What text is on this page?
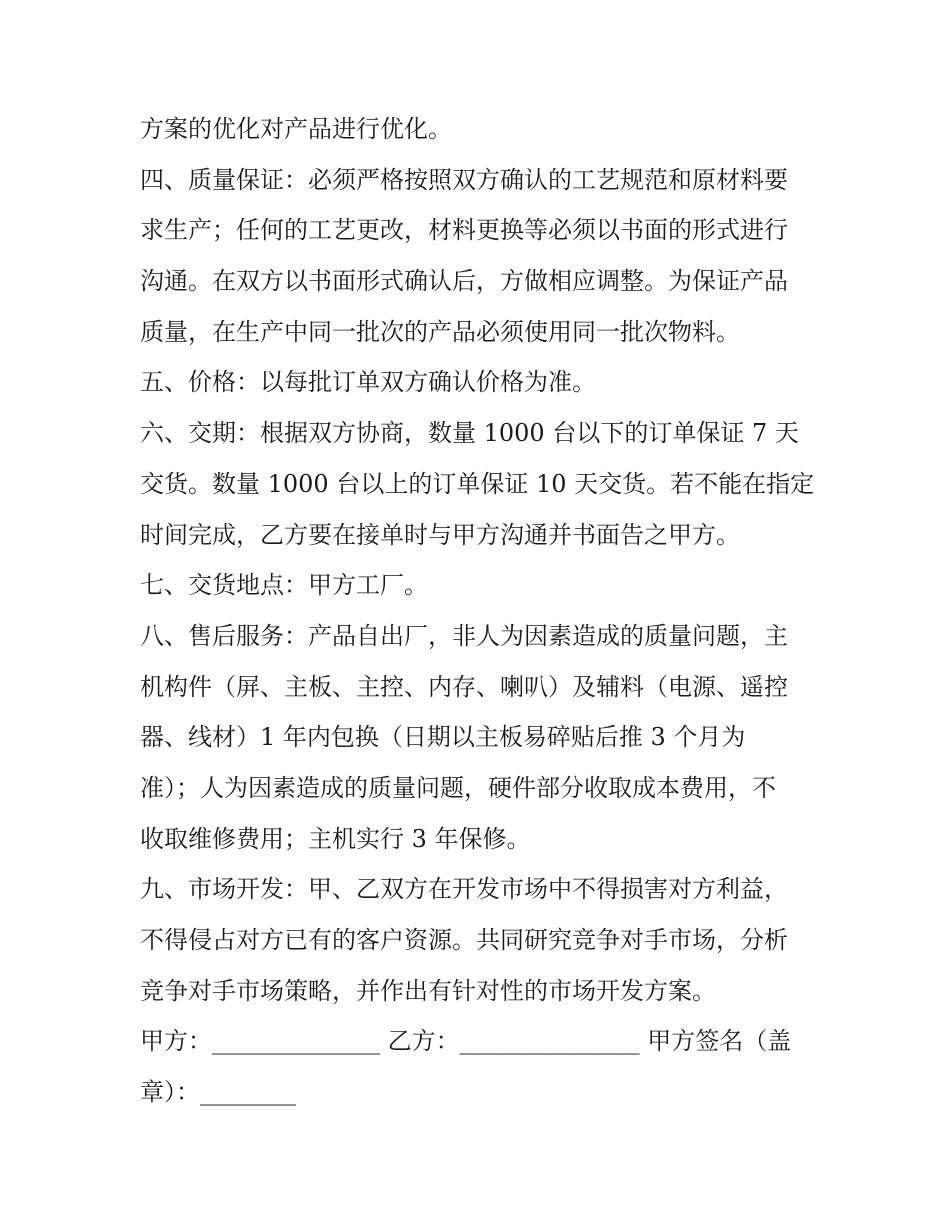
方案的优化对产品进行优化。

四、质量保证：必须严格按照双方确认的工艺规范和原材料要

求生产；任何的工艺更改，材料更换等必须以书面的形式进行

沟通。在双方以书面形式确认后，方做相应调整。为保证产品

质量，在生产中同一批次的产品必须使用同一批次物料。

五、价格：以每批订单双方确认价格为准。

六、交期：根据双方协商，数量 1000 台以下的订单保证 7 天

交货。数量 1000 台以上的订单保证 10 天交货。若不能在指定

时间完成，乙方要在接单时与甲方沟通并书面告之甲方。

七、交货地点：甲方工厂。

八、售后服务：产品自出厂，非人为因素造成的质量问题，主

机构件（屏、主板、主控、内存、喇叭）及辅料（电源、遥控

器、线材）1 年内包换（日期以主板易碎贴后推 3 个月为

准）；人为因素造成的质量问题，硬件部分收取成本费用，不

收取维修费用；主机实行 3 年保修。

九、市场开发：甲、乙双方在开发市场中不得损害对方利益，

不得侵占对方已有的客户资源。共同研究竞争对手市场，分析

竞争对手市场策略，并作出有针对性的市场开发方案。

甲方：______________ 乙方：_______________ 甲方签名（盖

章）：________
